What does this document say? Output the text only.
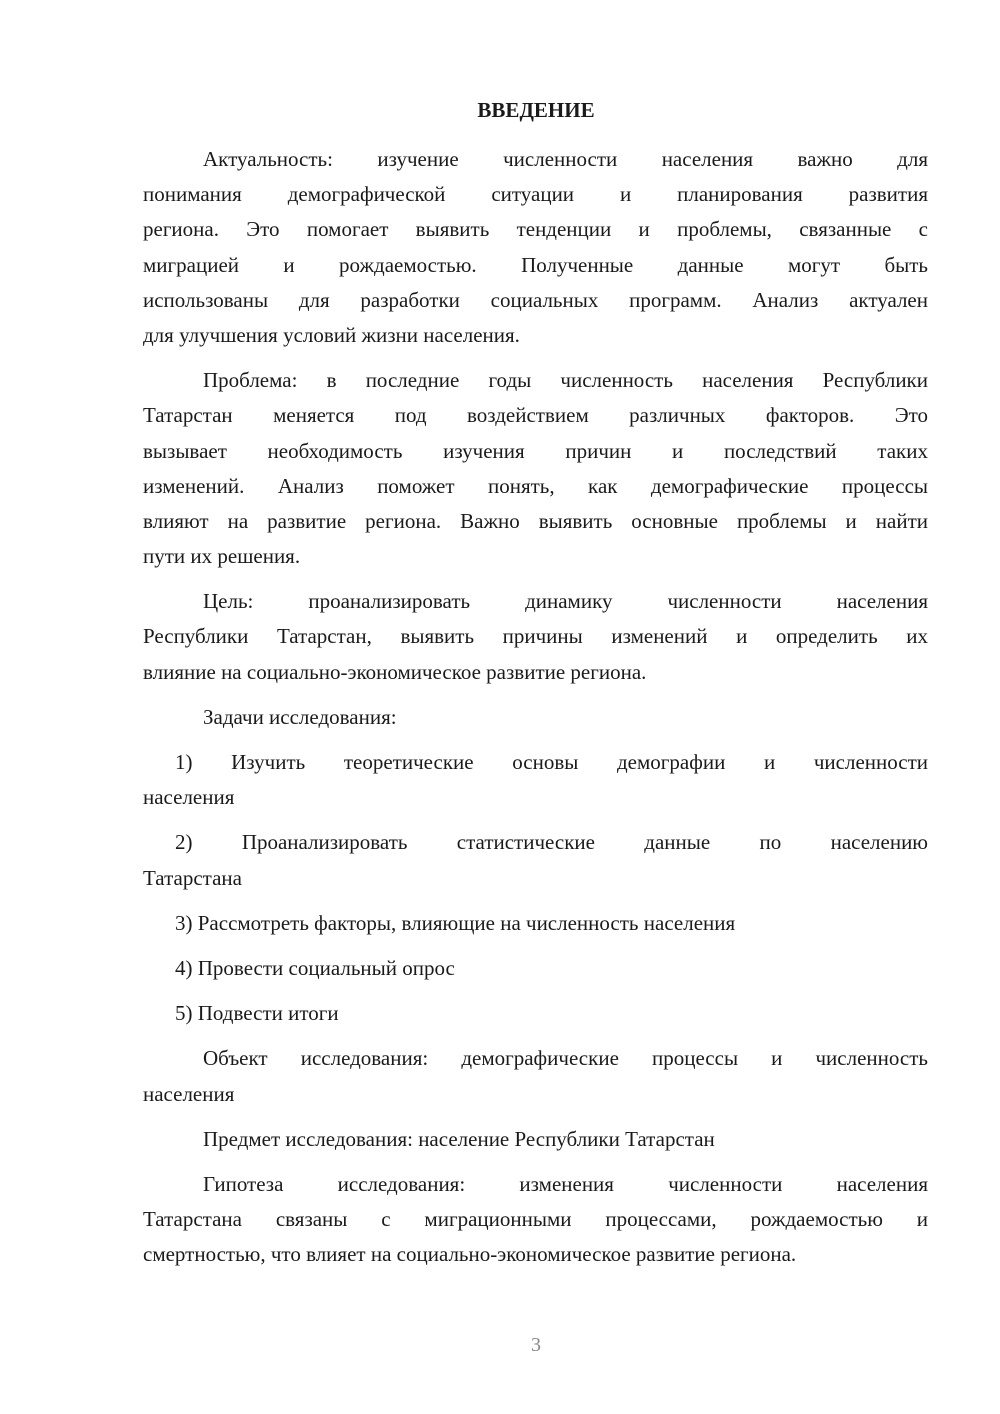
ВВЕДЕНИЕ
Актуальность: изучение численности населения важно для
понимания демографической ситуации и планирования развития
региона. Это помогает выявить тенденции и проблемы, связанные с
миграцией и рождаемостью. Полученные данные могут быть
использованы для разработки социальных программ. Анализ актуален
для улучшения условий жизни населения.
Проблема: в последние годы численность населения Республики
Татарстан меняется под воздействием различных факторов. Это
вызывает необходимость изучения причин и последствий таких
изменений. Анализ поможет понять, как демографические процессы
влияют на развитие региона. Важно выявить основные проблемы и найти
пути их решения.
Цель: проанализировать динамику численности населения
Республики Татарстан, выявить причины изменений и определить их
влияние на социально-экономическое развитие региона.
Задачи исследования:
1) Изучить теоретические основы демографии и численности
населения
2) Проанализировать статистические данные по населению
Татарстана
3) Рассмотреть факторы, влияющие на численность населения
4) Провести социальный опрос
5) Подвести итоги
Объект исследования: демографические процессы и численность
населения
Предмет исследования: население Республики Татарстан
Гипотеза исследования: изменения численности населения
Татарстана связаны с миграционными процессами, рождаемостью и
смертностью, что влияет на социально-экономическое развитие региона.
3
